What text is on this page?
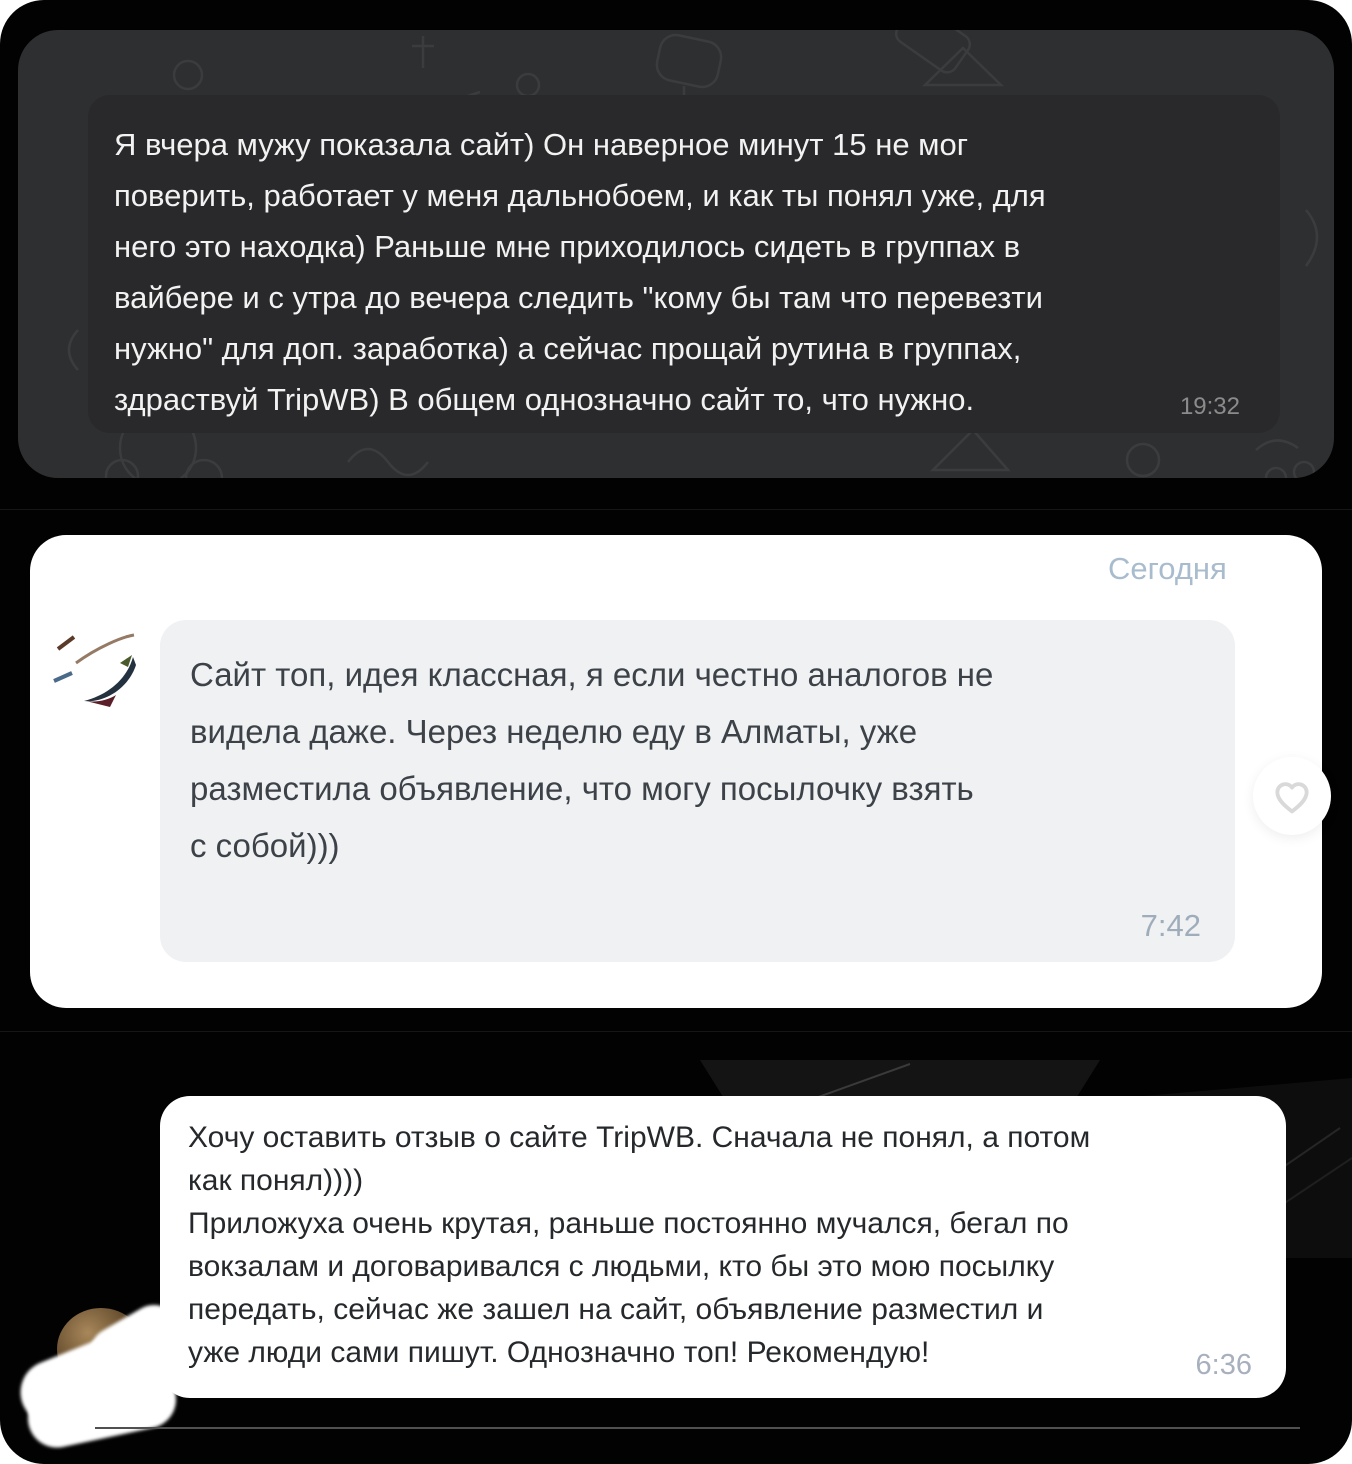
Я вчера мужу показала сайт) Он наверное минут 15 не мог
поверить, работает у меня дальнобоем, и как ты понял уже, для
него это находка) Раньше мне приходилось сидеть в группах в
вайбере и с утра до вечера следить "кому бы там что перевезти
нужно" для доп. заработка) а сейчас прощай рутина в группах,
здраствуй TripWB) В общем однозначно сайт то, что нужно.	19:32
Сегодня
Сайт топ, идея классная, я если честно аналогов не
видела даже. Через неделю еду в Алматы, уже
разместила объявление, что могу посылочку взять
с собой)))
7:42
Хочу оставить отзыв о сайте TripWB. Сначала не понял, а потом
как понял))))
Приложуха очень крутая, раньше постоянно мучался, бегал по
вокзалам и договаривался с людьми, кто бы это мою посылку
передать, сейчас же зашел на сайт, объявление разместил и
уже люди сами пишут. Однозначно топ! Рекомендую!	6:36
